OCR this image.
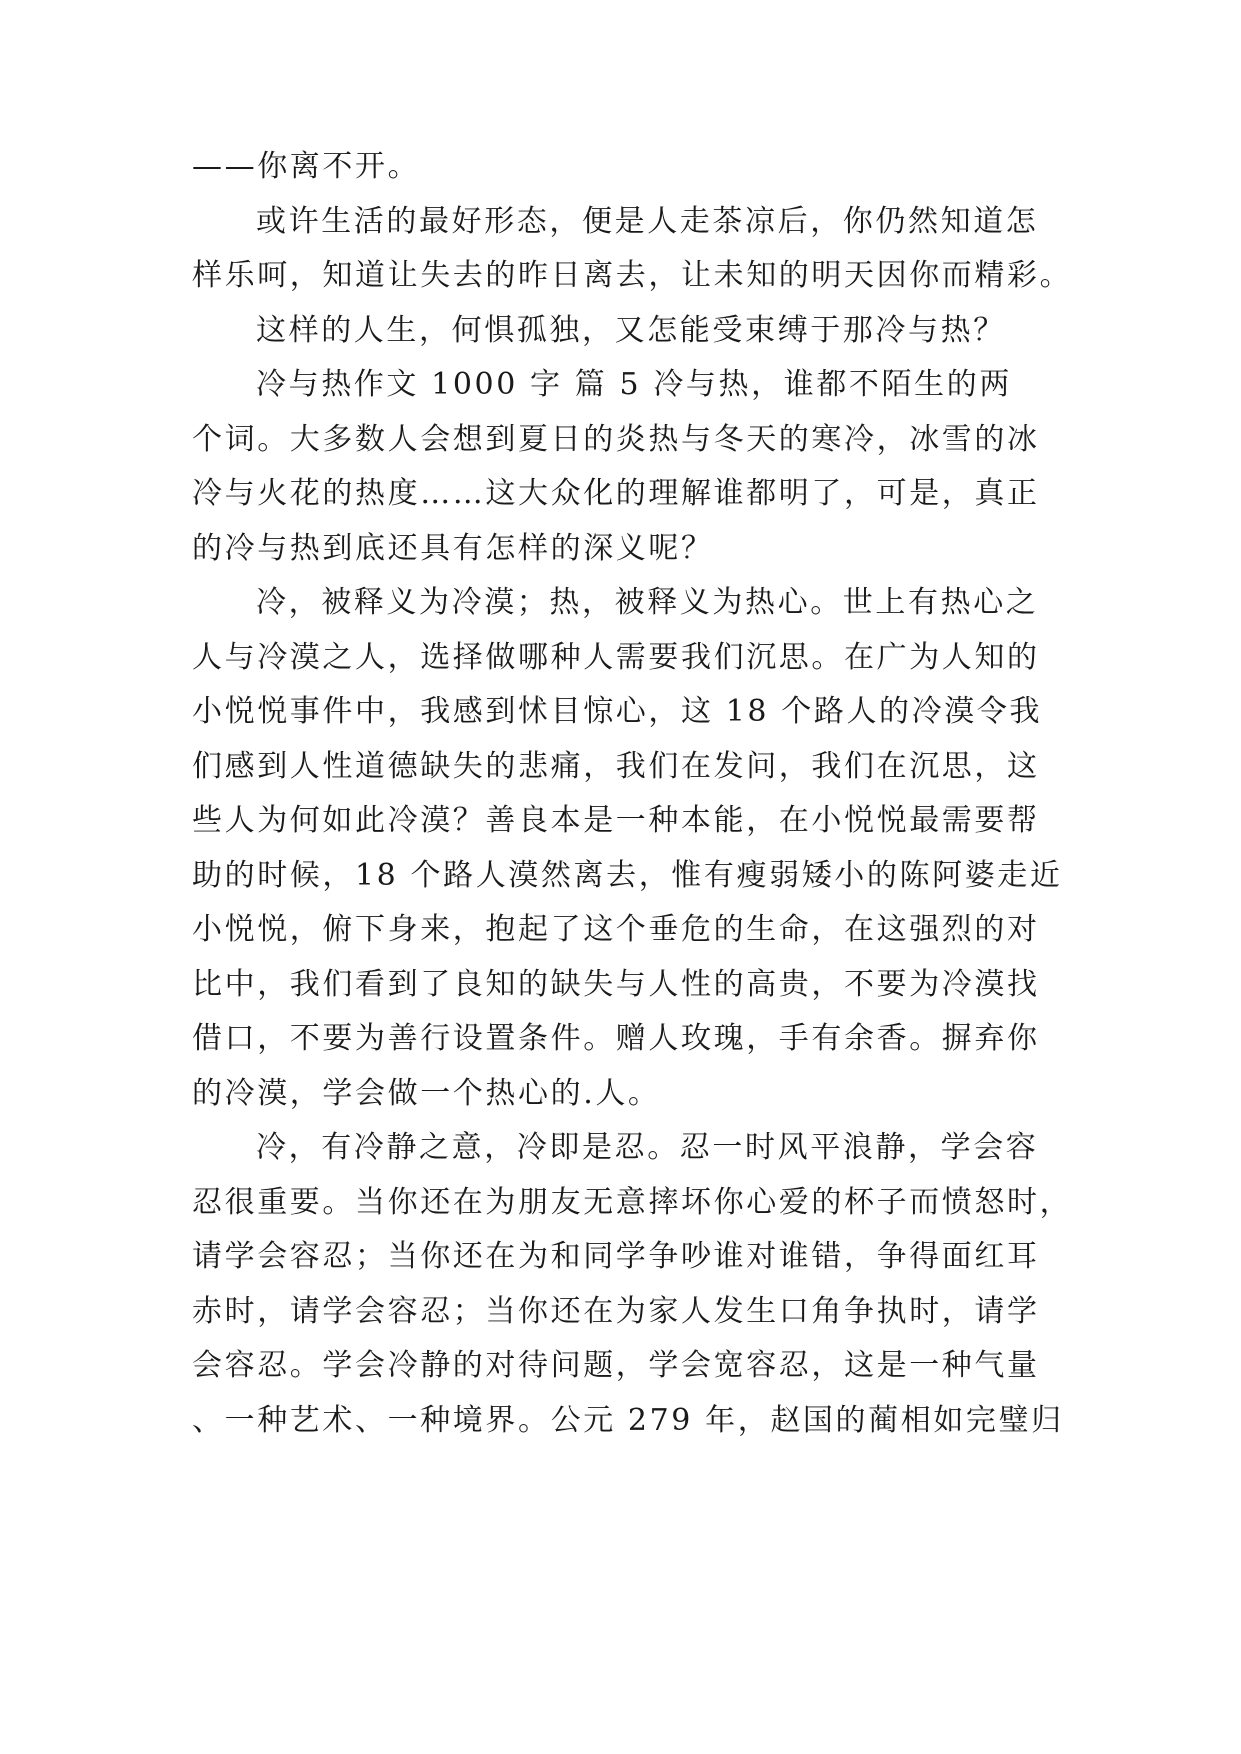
——你离不开。
或许生活的最好形态，便是人走茶凉后，你仍然知道怎
样乐呵，知道让失去的昨日离去，让未知的明天因你而精彩。
这样的人生，何惧孤独，又怎能受束缚于那冷与热？
冷与热作文 1000 字 篇 5 冷与热，谁都不陌生的两
个词。大多数人会想到夏日的炎热与冬天的寒冷，冰雪的冰
冷与火花的热度……这大众化的理解谁都明了，可是，真正
的冷与热到底还具有怎样的深义呢？
冷，被释义为冷漠；热，被释义为热心。世上有热心之
人与冷漠之人，选择做哪种人需要我们沉思。在广为人知的
小悦悦事件中，我感到怵目惊心，这 18 个路人的冷漠令我
们感到人性道德缺失的悲痛，我们在发问，我们在沉思，这
些人为何如此冷漠？善良本是一种本能，在小悦悦最需要帮
助的时候，18 个路人漠然离去，惟有瘦弱矮小的陈阿婆走近
小悦悦，俯下身来，抱起了这个垂危的生命，在这强烈的对
比中，我们看到了良知的缺失与人性的高贵，不要为冷漠找
借口，不要为善行设置条件。赠人玫瑰，手有余香。摒弃你
的冷漠，学会做一个热心的.人。
冷，有冷静之意，冷即是忍。忍一时风平浪静，学会容
忍很重要。当你还在为朋友无意摔坏你心爱的杯子而愤怒时，
请学会容忍；当你还在为和同学争吵谁对谁错，争得面红耳
赤时，请学会容忍；当你还在为家人发生口角争执时，请学
会容忍。学会冷静的对待问题，学会宽容忍，这是一种气量
、一种艺术、一种境界。公元 279 年，赵国的蔺相如完璧归
